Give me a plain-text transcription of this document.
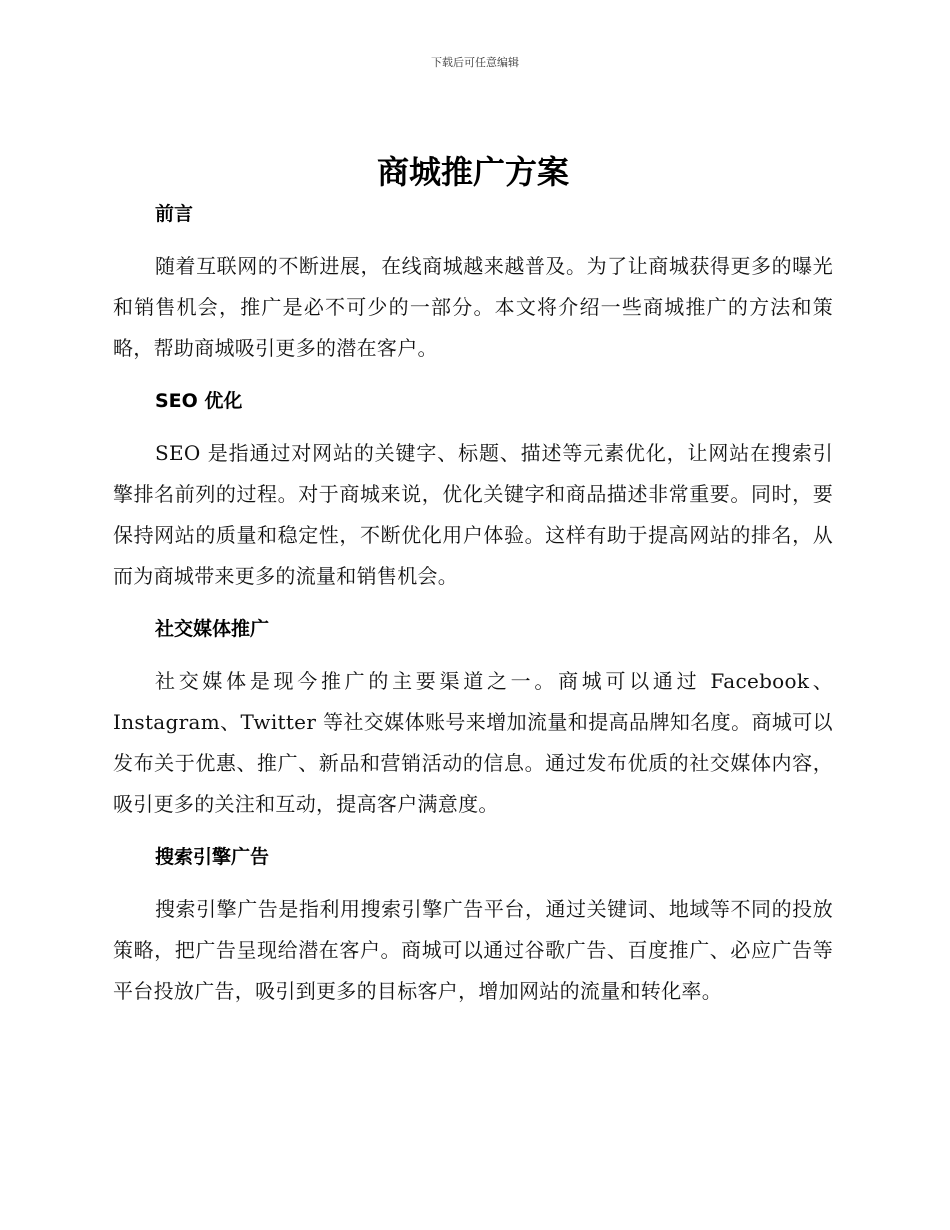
下载后可任意编辑
商城推广方案
前言

随着互联网的不断进展，在线商城越来越普及。为了让商城获得更多的曝光和销售机会，推广是必不可少的一部分。本文将介绍一些商城推广的方法和策略，帮助商城吸引更多的潜在客户。

SEO 优化

SEO 是指通过对网站的关键字、标题、描述等元素优化，让网站在搜索引擎排名前列的过程。对于商城来说，优化关键字和商品描述非常重要。同时，要保持网站的质量和稳定性，不断优化用户体验。这样有助于提高网站的排名，从而为商城带来更多的流量和销售机会。

社交媒体推广

社交媒体是现今推广的主要渠道之一。商城可以通过 Facebook、Instagram、Twitter 等社交媒体账号来增加流量和提高品牌知名度。商城可以发布关于优惠、推广、新品和营销活动的信息。通过发布优质的社交媒体内容，吸引更多的关注和互动，提高客户满意度。

搜索引擎广告

搜索引擎广告是指利用搜索引擎广告平台，通过关键词、地域等不同的投放策略，把广告呈现给潜在客户。商城可以通过谷歌广告、百度推广、必应广告等平台投放广告，吸引到更多的目标客户，增加网站的流量和转化率。
